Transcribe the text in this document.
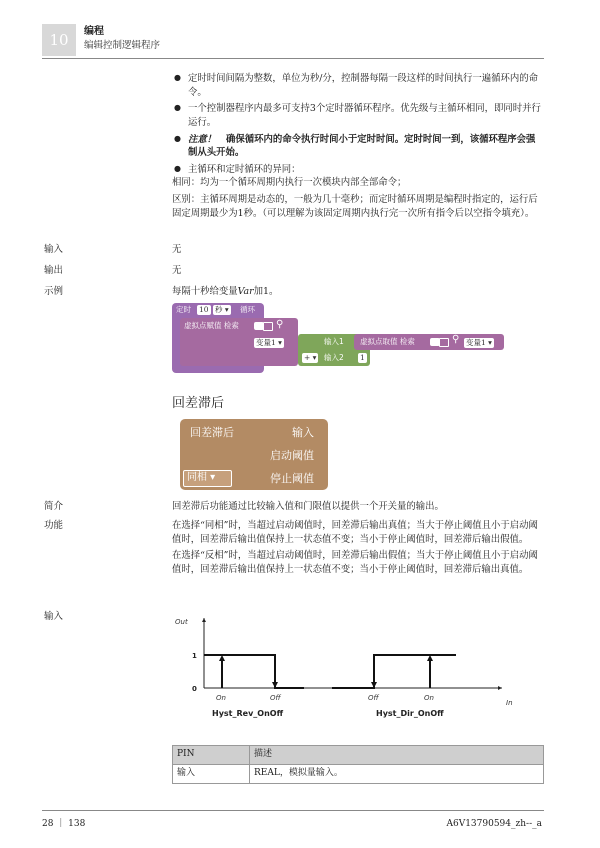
10	编程
编辑控制逻辑程序

● 定时时间间隔为整数，单位为秒/分，控制器每隔一段这样的时间执行一遍循环内的命令。

● 一个控制器程序内最多可支持3个定时器循环程序。优先级与主循环相同，即同时并行运行。

● 注意！ 确保循环内的命令执行时间小于定时时间。定时时间一到，该循环程序会强制从头开始。

● 主循环和定时循环的异同：

相同：均为一个循环周期内执行一次模块内部全部命令；

区别：主循环周期是动态的，一般为几十毫秒；而定时循环周期是编程时指定的，运行后固定周期最少为1秒。（可以理解为该固定周期内执行完一次所有指令后以空指令填充）。

输入	无
输出	无
示例	每隔十秒给变量Var加1。
定时 10 秒 ▾ 循环
虚拟点赋值 检索	⚲
变量1 ▾	输入1
+ ▾ 输入2 1
虚拟点取值 检索	⚲ 变量1 ▾
回差滞后
回差滞后	输入
启动阈值
停止阈值
同相 ▾
简介	回差滞后功能通过比较输入值和门限值以提供一个开关量的输出。
功能	在选择“同相”时，当超过启动阈值时，回差滞后输出真值；当大于停止阈值且小于启动阈值时，回差滞后输出值保持上一状态值不变；当小于停止阈值时，回差滞后输出假值。

在选择“反相”时，当超过启动阈值时，回差滞后输出假值；当大于停止阈值且小于启动阈值时，回差滞后输出值保持上一状态值不变；当小于停止阈值时，回差滞后输出真值。

输入	Out
1
0
On	Off
Hyst_Rev_OnOff
Off	On
In
Hyst_Dir_OnOff
PIN	描述
输入	REAL，模拟量输入。
28 ｜ 138	A6V13790594_zh--_a
